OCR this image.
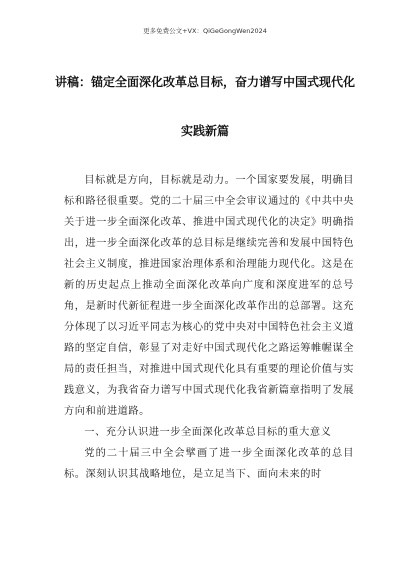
更多免费公文+VX：QiGeGongWen2024
讲稿：锚定全面深化改革总目标，奋力谱写中国式现代化
实践新篇

目标就是方向，目标就是动力。一个国家要发展，明确目标和路径很重要。党的二十届三中全会审议通过的《中共中央关于进一步全面深化改革、推进中国式现代化的决定》明确指出，进一步全面深化改革的总目标是继续完善和发展中国特色社会主义制度，推进国家治理体系和治理能力现代化。这是在新的历史起点上推动全面深化改革向广度和深度进军的总号角，是新时代新征程进一步全面深化改革作出的总部署。这充分体现了以习近平同志为核心的党中央对中国特色社会主义道路的坚定自信，彰显了对走好中国式现代化之路运筹帷幄谋全局的责任担当，对推进中国式现代化具有重要的理论价值与实践意义，为我省奋力谱写中国式现代化我省新篇章指明了发展方向和前进道路。

一、充分认识进一步全面深化改革总目标的重大意义

党的二十届三中全会擘画了进一步全面深化改革的总目标。深刻认识其战略地位，是立足当下、面向未来的时
